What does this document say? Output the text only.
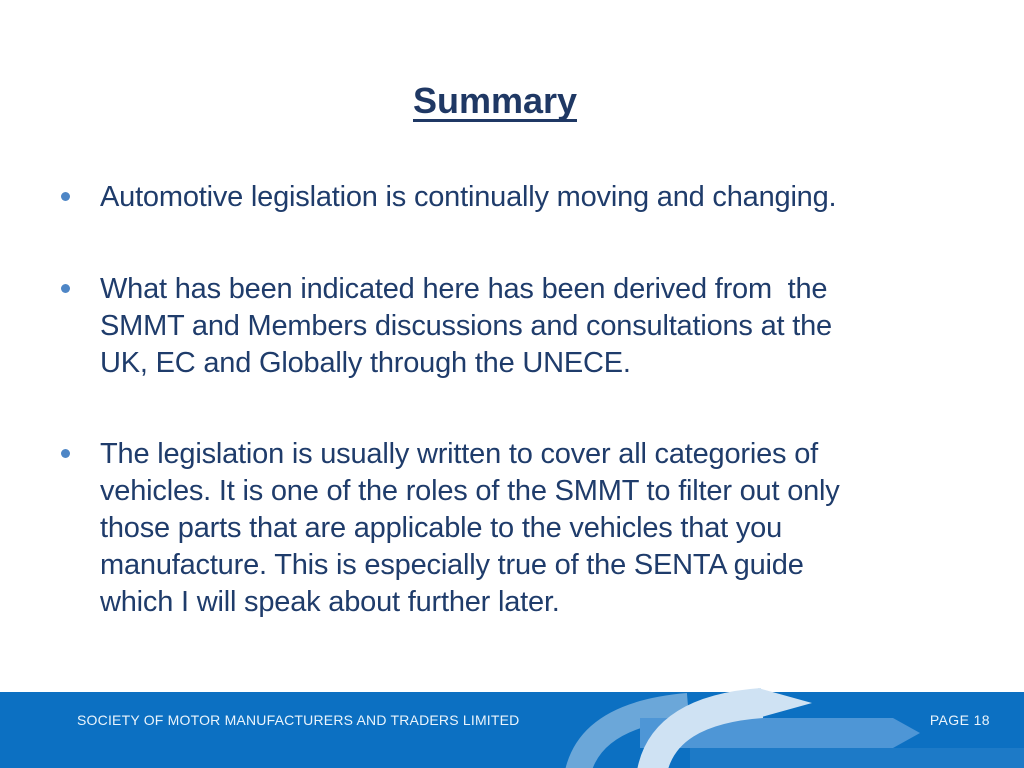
Summary
Automotive legislation is continually moving and changing.
What has been indicated here has been derived from  the
SMMT and Members discussions and consultations at the
UK, EC and Globally through the UNECE.
The legislation is usually written to cover all categories of
vehicles. It is one of the roles of the SMMT to filter out only
those parts that are applicable to the vehicles that you
manufacture. This is especially true of the SENTA guide
which I will speak about further later.
SOCIETY OF MOTOR MANUFACTURERS AND TRADERS LIMITED	PAGE 18
